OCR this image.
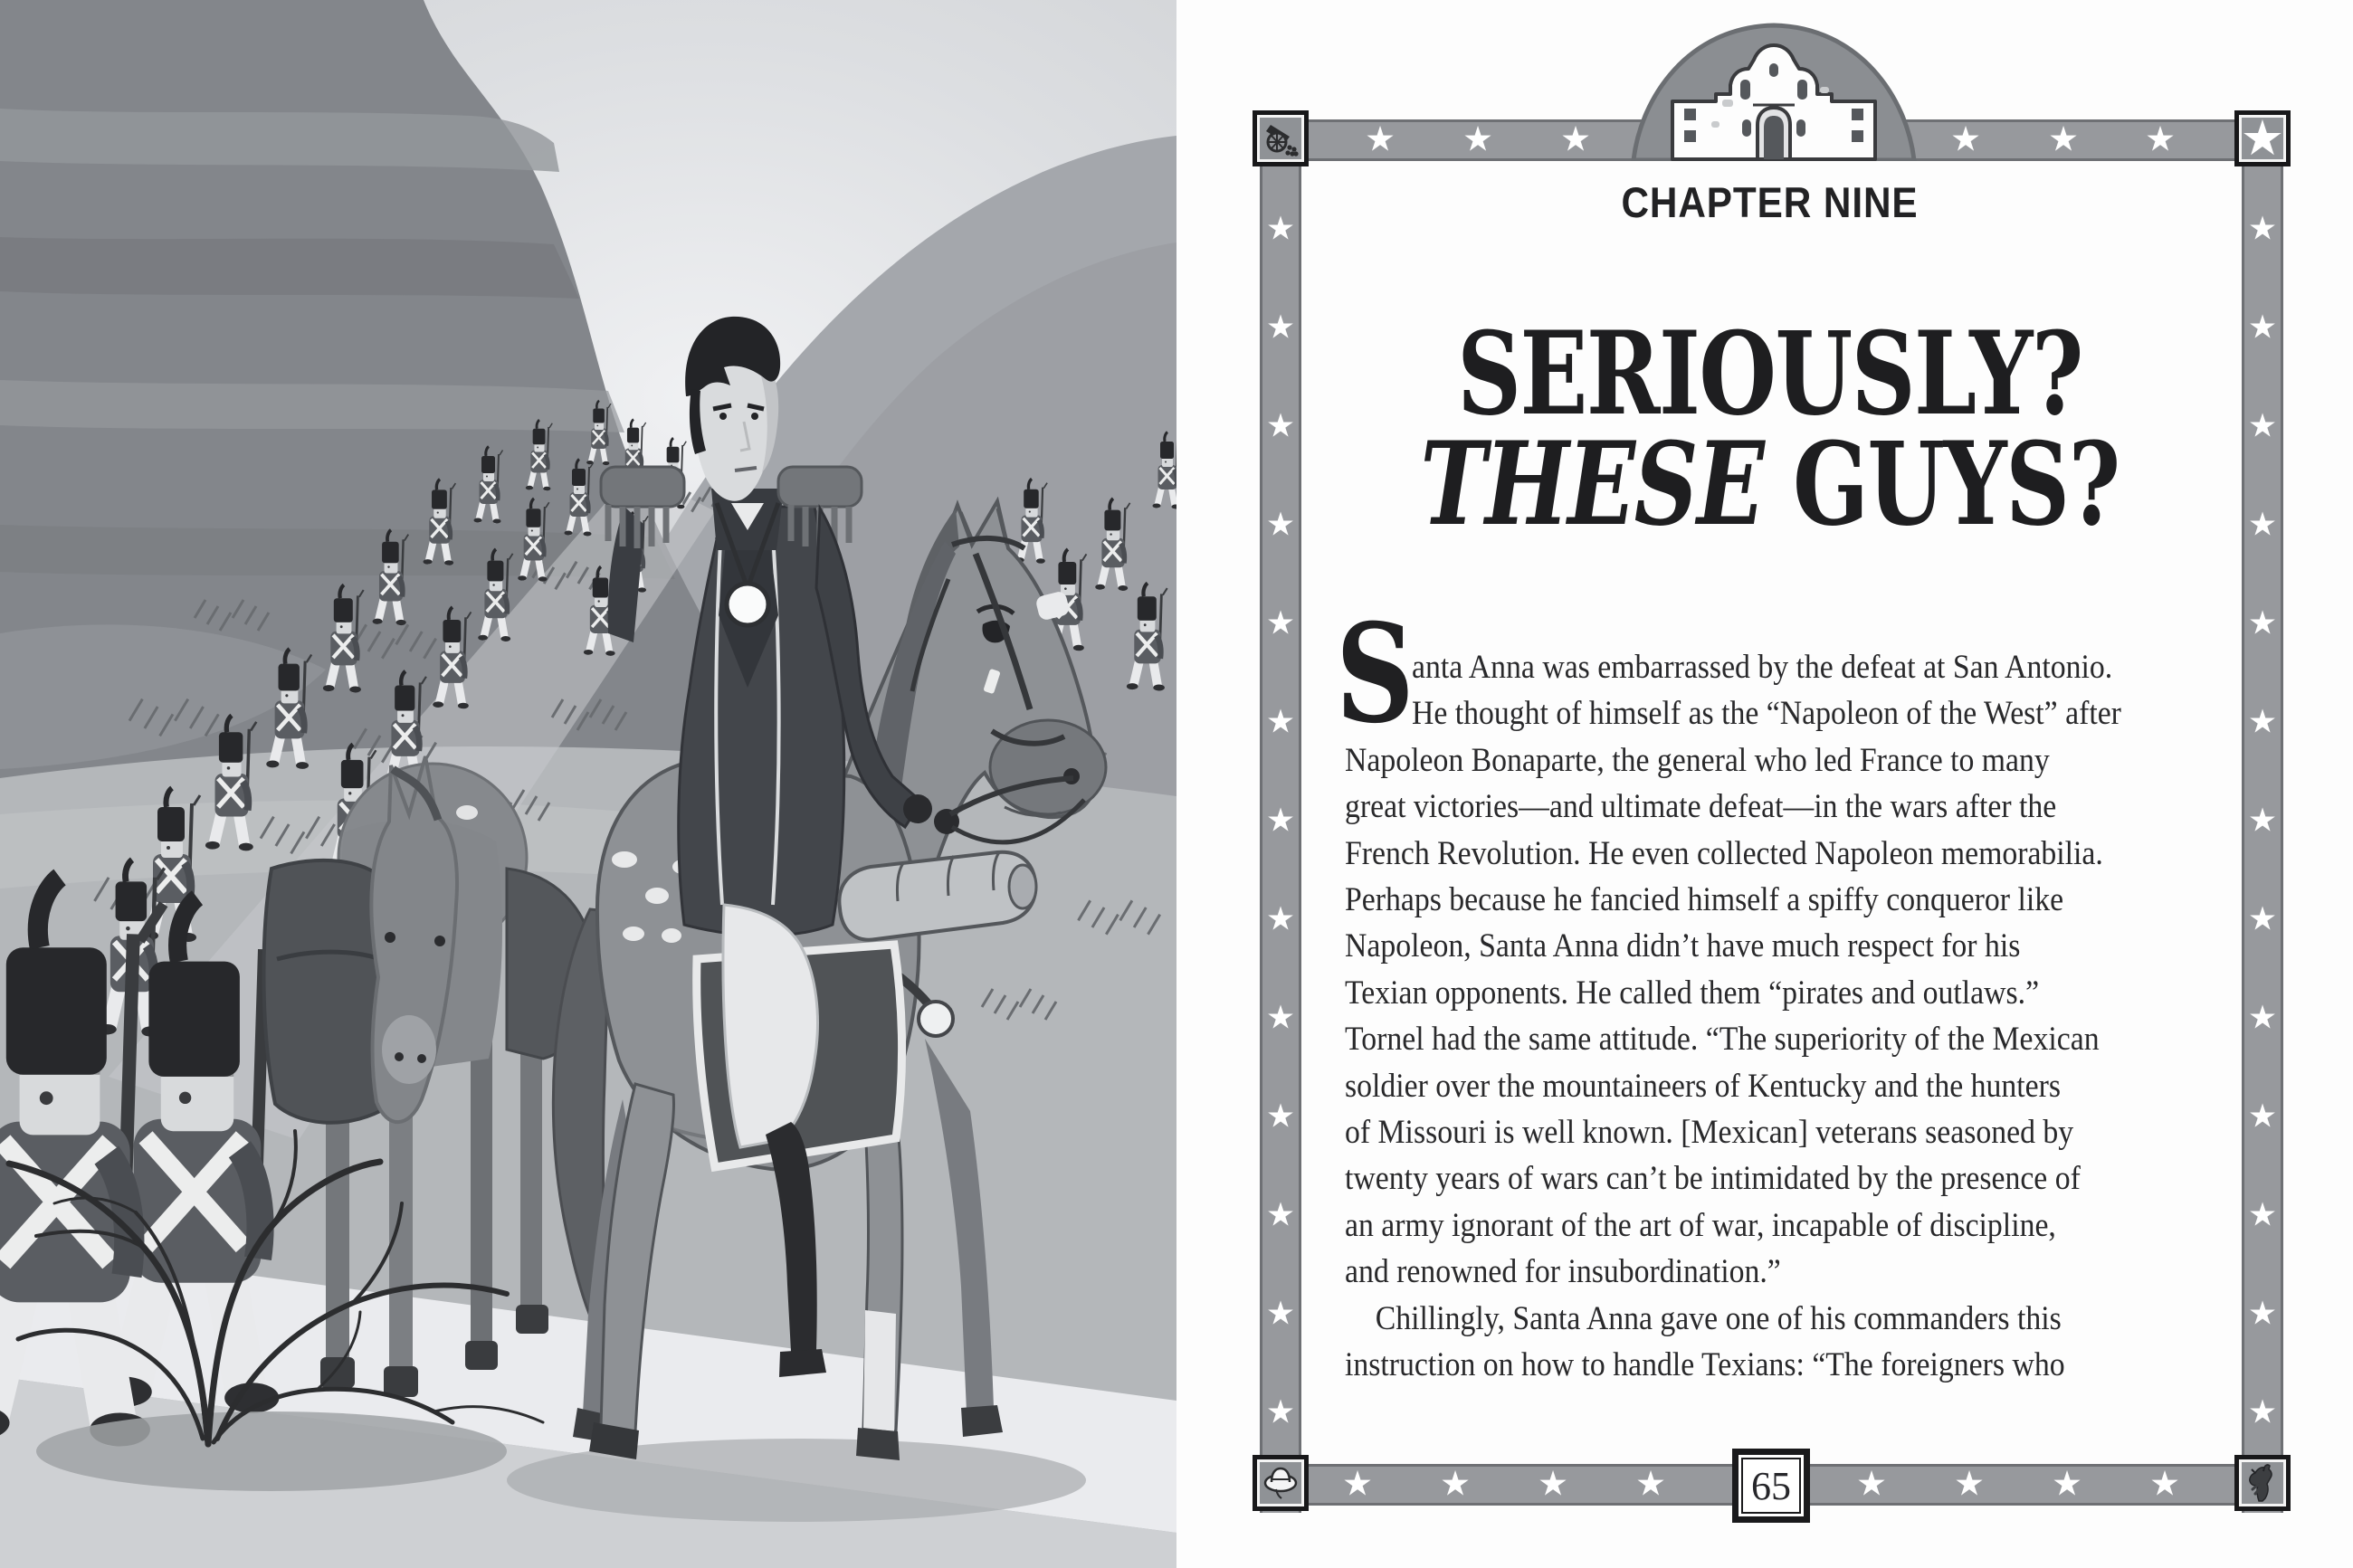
★	★
★	★
★	★
★	★
★	★
★	★
★	★
★	★
★	★
★	★
★	★
★	★
★	★
★ ★ ★	★ ★ ★
★ ★ ★ ★	★ ★ ★ ★
★
CHAPTER NINE
SERIOUSLY?
THESE GUYS?
S
anta Anna was embarrassed by the defeat at San Antonio.
He thought of himself as the “Napoleon of the West” after
Napoleon Bonaparte, the general who led France to many
great victories—and ultimate defeat—in the wars after the
French Revolution. He even collected Napoleon memorabilia.
Perhaps because he fancied himself a spiffy conqueror like
Napoleon, Santa Anna didn’t have much respect for his
Texian opponents. He called them “pirates and outlaws.”
Tornel had the same attitude. “The superiority of the Mexican
soldier over the mountaineers of Kentucky and the hunters
of Missouri is well known. [Mexican] veterans seasoned by
twenty years of wars can’t be intimidated by the presence of
an army ignorant of the art of war, incapable of discipline,
and renowned for insubordination.”
 Chillingly, Santa Anna gave one of his commanders this
instruction on how to handle Texians: “The foreigners who
65
